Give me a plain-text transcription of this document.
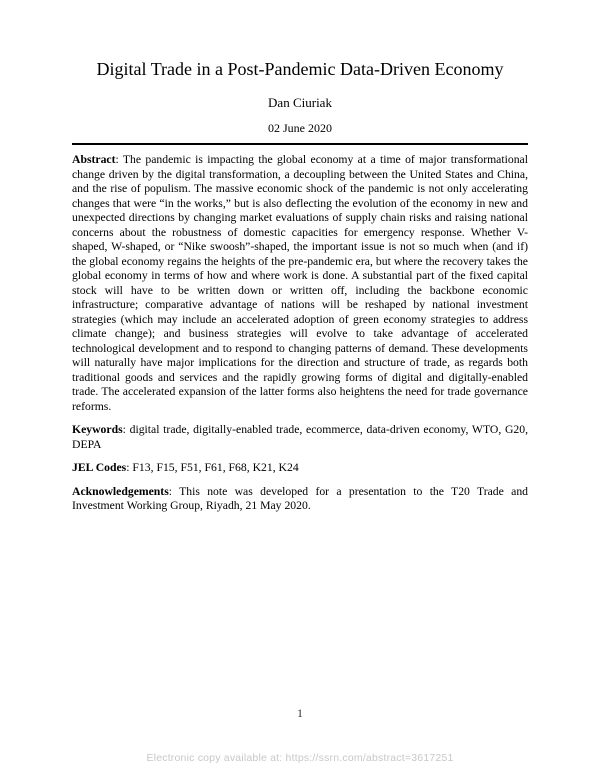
Digital Trade in a Post-Pandemic Data-Driven Economy
Dan Ciuriak
02 June 2020

Abstract: The pandemic is impacting the global economy at a time of major transformational change driven by the digital transformation, a decoupling between the United States and China, and the rise of populism. The massive economic shock of the pandemic is not only accelerating changes that were “in the works,” but is also deflecting the evolution of the economy in new and unexpected directions by changing market evaluations of supply chain risks and raising national concerns about the robustness of domestic capacities for emergency response. Whether V-shaped, W-shaped, or “Nike swoosh”-shaped, the important issue is not so much when (and if) the global economy regains the heights of the pre-pandemic era, but where the recovery takes the global economy in terms of how and where work is done. A substantial part of the fixed capital stock will have to be written down or written off, including the backbone economic infrastructure; comparative advantage of nations will be reshaped by national investment strategies (which may include an accelerated adoption of green economy strategies to address climate change); and business strategies will evolve to take advantage of accelerated technological development and to respond to changing patterns of demand. These developments will naturally have major implications for the direction and structure of trade, as regards both traditional goods and services and the rapidly growing forms of digital and digitally-enabled trade. The accelerated expansion of the latter forms also heightens the need for trade governance reforms.

Keywords: digital trade, digitally-enabled trade, ecommerce, data-driven economy, WTO, G20, DEPA

JEL Codes: F13, F15, F51, F61, F68, K21, K24

Acknowledgements: This note was developed for a presentation to the T20 Trade and Investment Working Group, Riyadh, 21 May 2020.

1
Electronic copy available at: https://ssrn.com/abstract=3617251
